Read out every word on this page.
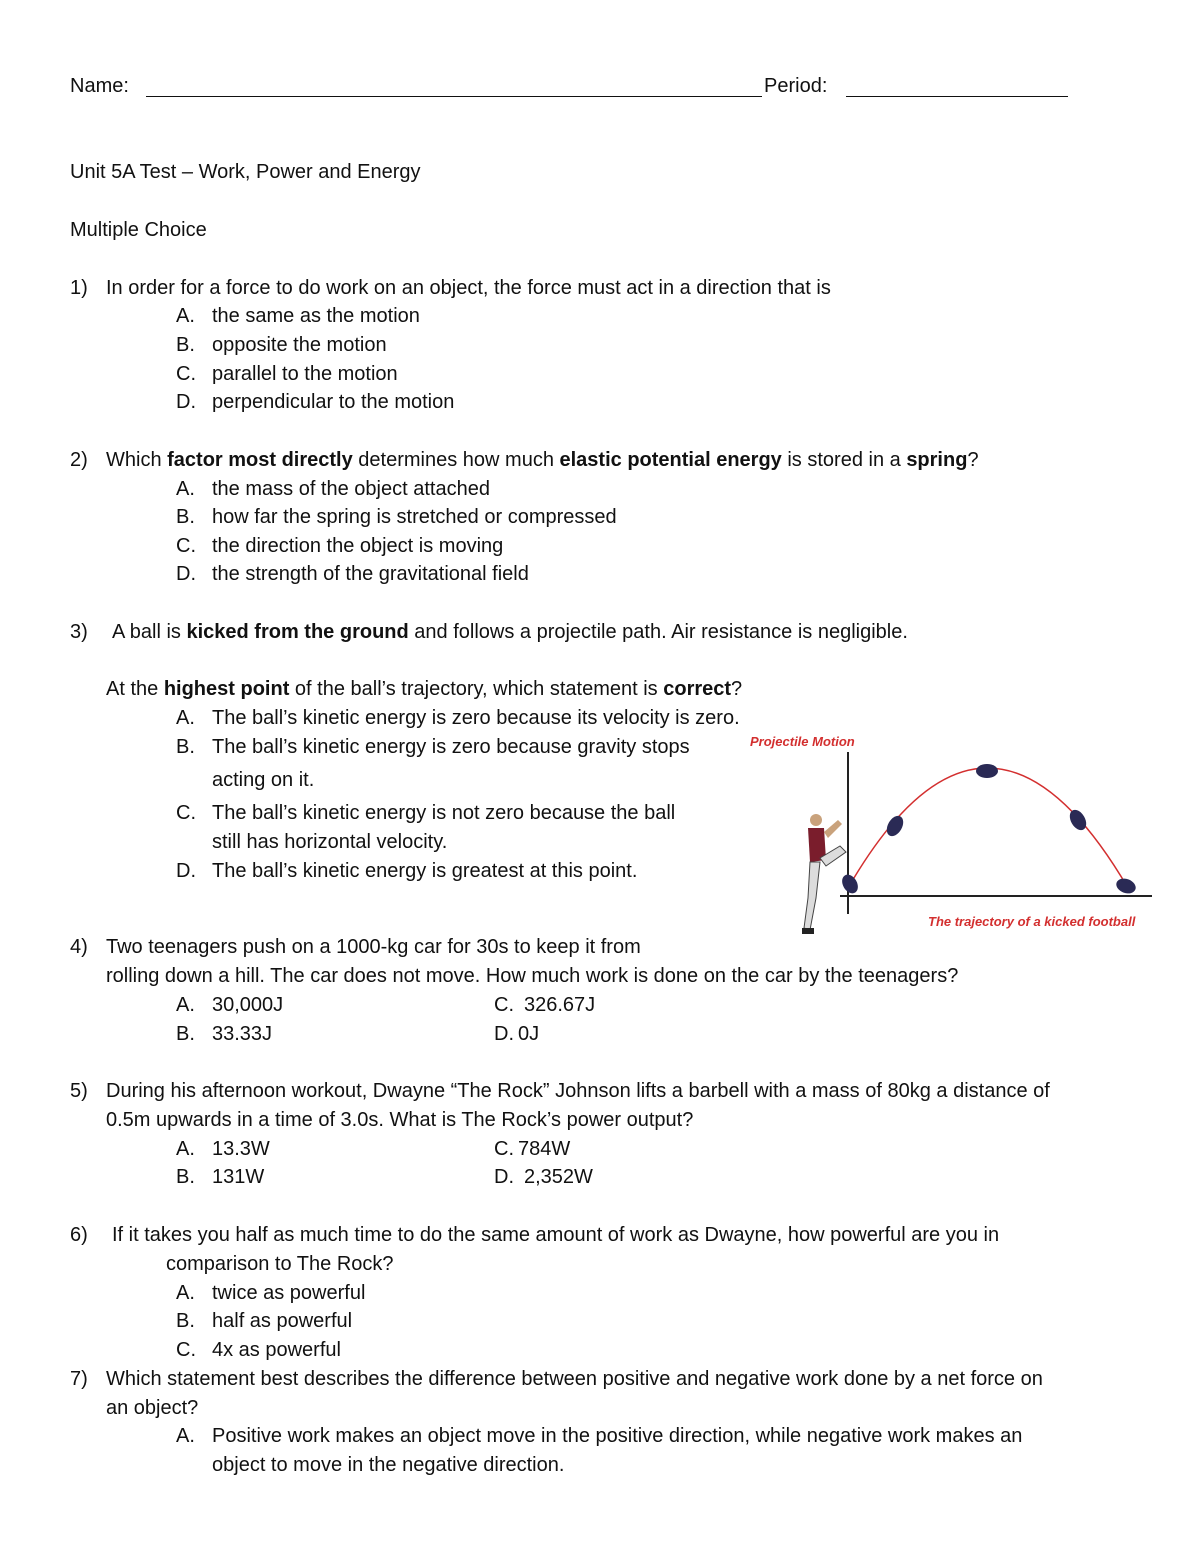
Name:	Period:
Unit 5A Test – Work, Power and Energy
Multiple Choice
1) In order for a force to do work on an object, the force must act in a direction that is
A. the same as the motion
B. opposite the motion
C. parallel to the motion
D. perpendicular to the motion
2) Which factor most directly determines how much elastic potential energy is stored in a spring?
A. the mass of the object attached
B. how far the spring is stretched or compressed
C. the direction the object is moving
D. the strength of the gravitational field
3) A ball is kicked from the ground and follows a projectile path. Air resistance is negligible.
At the highest point of the ball’s trajectory, which statement is correct?
A. The ball’s kinetic energy is zero because its velocity is zero.
B. The ball’s kinetic energy is zero because gravity stops
acting on it.
C. The ball’s kinetic energy is not zero because the ball
still has horizontal velocity.
D. The ball’s kinetic energy is greatest at this point.
Projectile Motion
The trajectory of a kicked football
4) Two teenagers push on a 1000-kg car for 30s to keep it from
rolling down a hill. The car does not move. How much work is done on the car by the teenagers?
A. 30,000J	C. 326.67J
B. 33.33J	D. 0J
5) During his afternoon workout, Dwayne “The Rock” Johnson lifts a barbell with a mass of 80kg a distance of
0.5m upwards in a time of 3.0s. What is The Rock’s power output?
A. 13.3W	C. 784W
B. 131W	D. 2,352W
6) If it takes you half as much time to do the same amount of work as Dwayne, how powerful are you in
comparison to The Rock?
A. twice as powerful
B. half as powerful
C. 4x as powerful
7) Which statement best describes the difference between positive and negative work done by a net force on
an object?
A. Positive work makes an object move in the positive direction, while negative work makes an
object to move in the negative direction.
